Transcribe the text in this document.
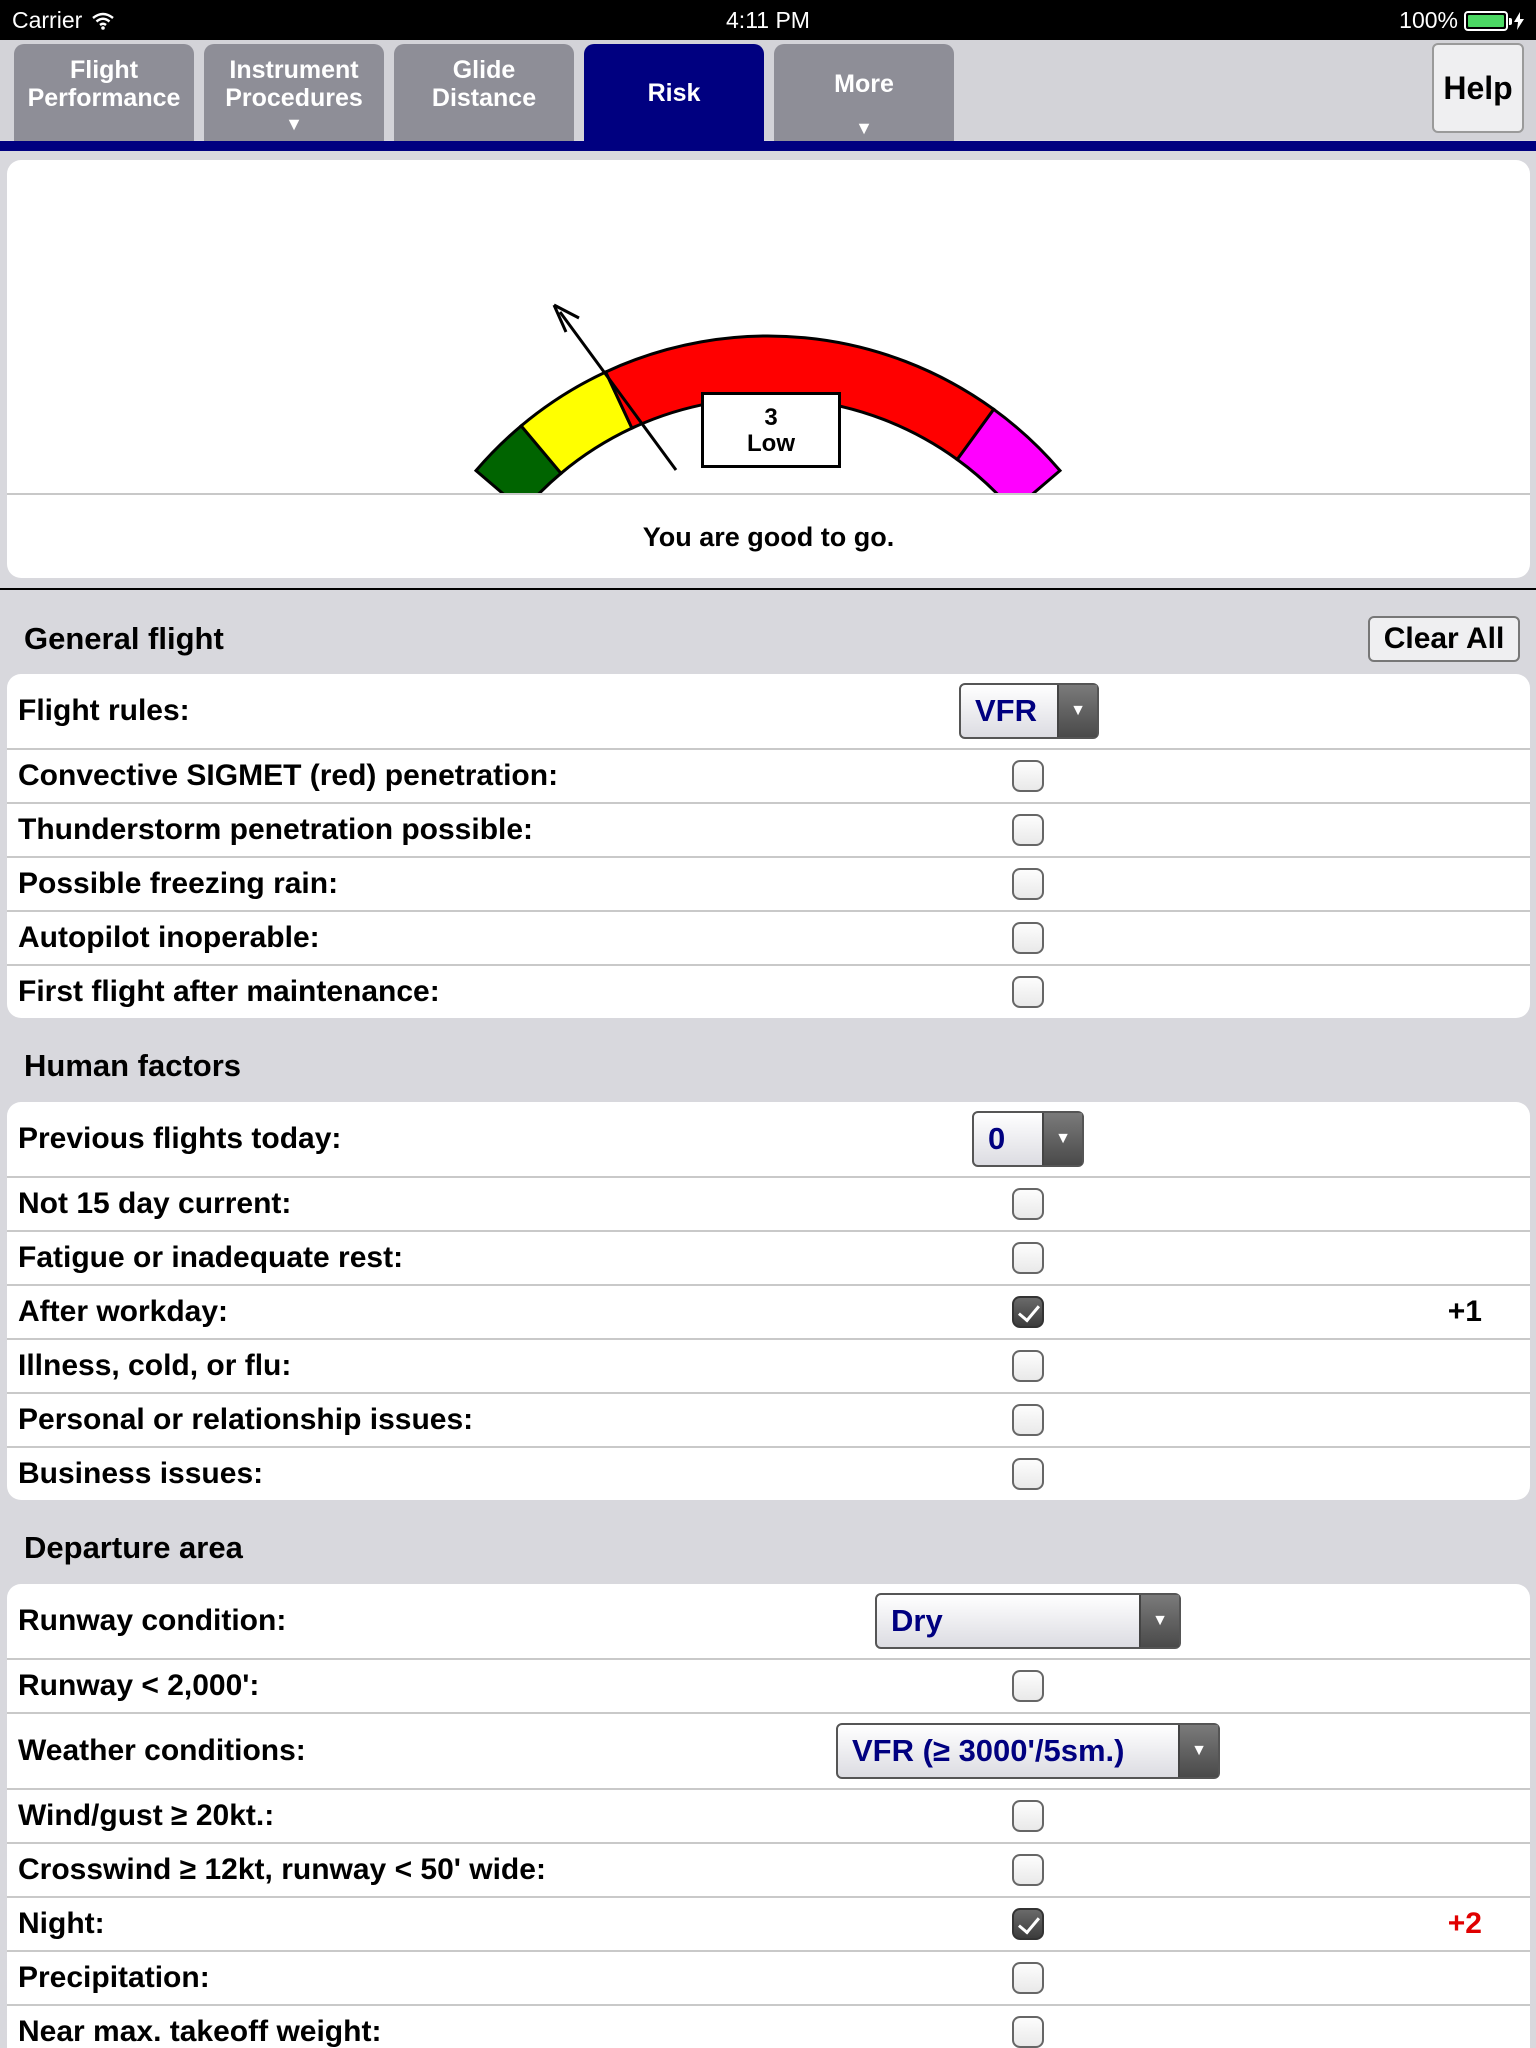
Carrier	4:11 PM	100%
Flight
Performance
Instrument
Procedures
▼
Glide
Distance	Risk	More
▼
Help
3
Low
You are good to go.
General flight	Clear All
Flight rules:	VFR	▼
Convective SIGMET (red) penetration:
Thunderstorm penetration possible:
Possible freezing rain:
Autopilot inoperable:
First flight after maintenance:
Human factors
Previous flights today:	0	▼
Not 15 day current:
Fatigue or inadequate rest:
After workday:	+1
Illness, cold, or flu:
Personal or relationship issues:
Business issues:
Departure area
Runway condition:	Dry	▼
Runway < 2,000':
Weather conditions:	VFR (≥ 3000'/5sm.)	▼
Wind/gust ≥ 20kt.:
Crosswind ≥ 12kt, runway < 50' wide:
Night:	+2
Precipitation:
Near max. takeoff weight:
